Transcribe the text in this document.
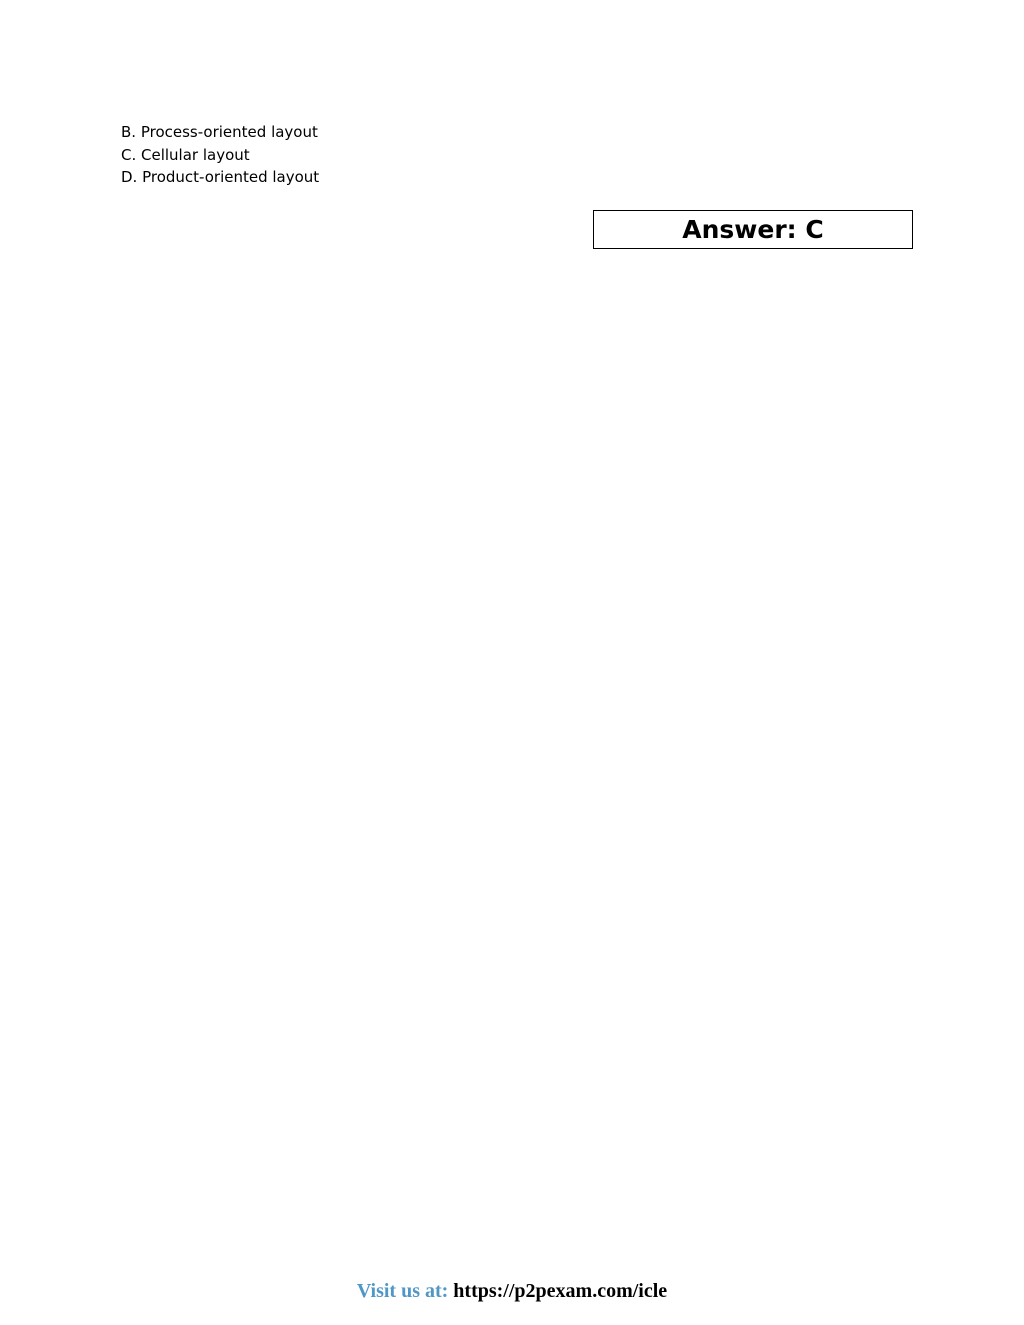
B. Process-oriented layout
C. Cellular layout
D. Product-oriented layout
Answer: C
Visit us at: https://p2pexam.com/icle
